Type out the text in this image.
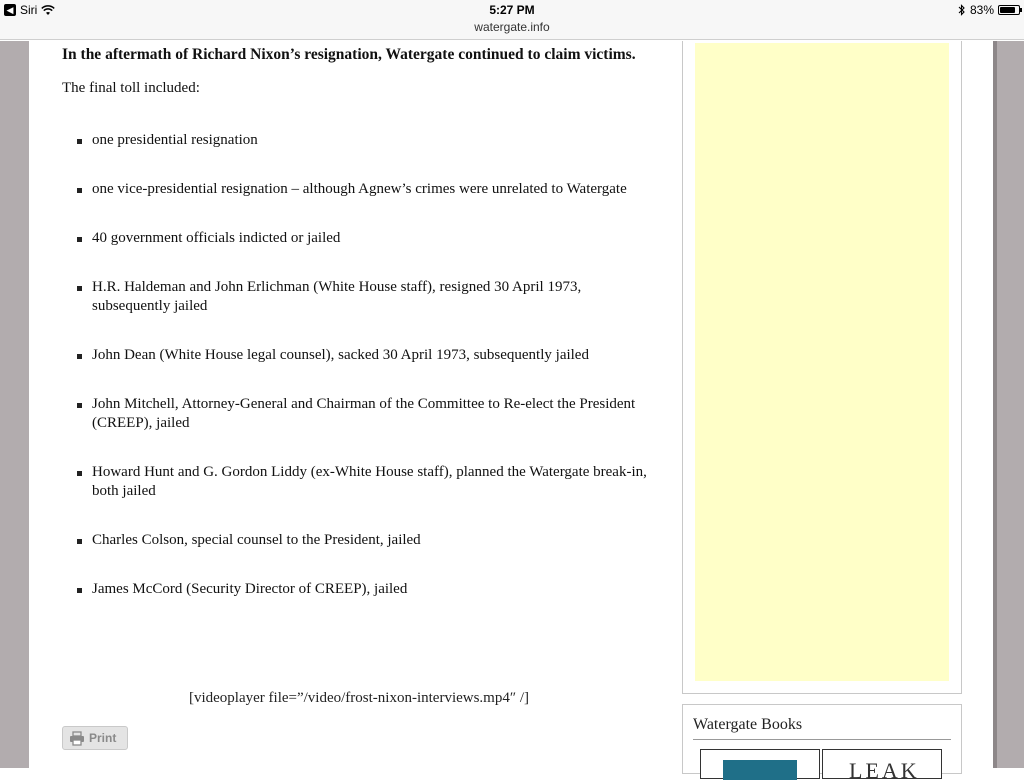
◀ Siri	5:27 PM
watergate.info
83%

In the aftermath of Richard Nixon’s resignation, Watergate continued to claim victims.

The final toll included:

one presidential resignation
one vice-presidential resignation – although Agnew’s crimes were unrelated to Watergate
40 government officials indicted or jailed
H.R. Haldeman and John Erlichman (White House staff), resigned 30 April 1973, subsequently jailed
John Dean (White House legal counsel), sacked 30 April 1973, subsequently jailed
John Mitchell, Attorney-General and Chairman of the Committee to Re-elect the President (CREEP), jailed
Howard Hunt and G. Gordon Liddy (ex-White House staff), planned the Watergate break-in, both jailed
Charles Colson, special counsel to the President, jailed
James McCord (Security Director of CREEP), jailed
[videoplayer file=”/video/frost-nixon-interviews.mp4″ /]
Print
Watergate Books
LEAK
